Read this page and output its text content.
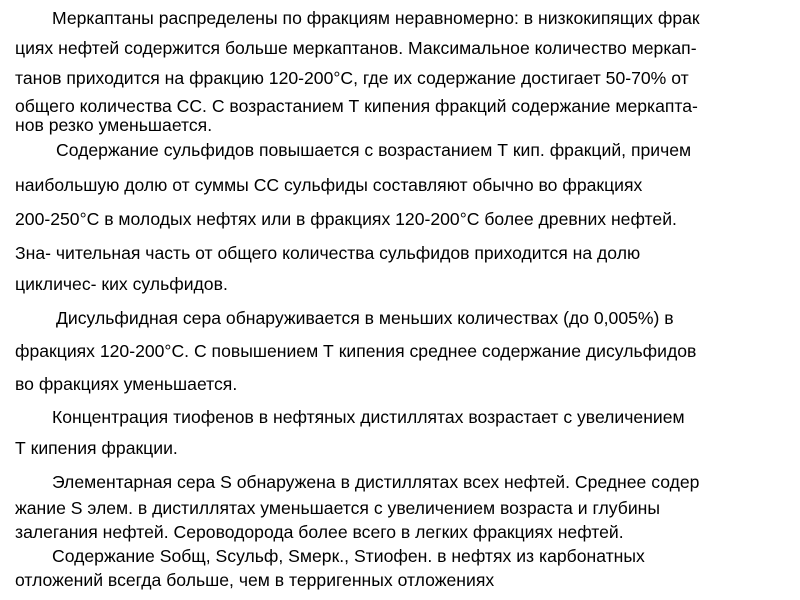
Меркаптаны распределены по фракциям неравномерно: в низкокипящих фрак
циях нефтей содержится больше меркаптанов. Максимальное количество меркап-
танов приходится на фракцию 120-200°С, где их содержание достигает 50-70% от
общего количества СС. С возрастанием Т кипения фракций содержание меркапта-
нов резко уменьшается.
Содержание сульфидов повышается с возрастанием Т кип. фракций, причем
наибольшую долю от суммы СС сульфиды составляют обычно во фракциях
200-250°С в молодых нефтях или в фракциях 120-200°С более древних нефтей.
Зна- чительная часть от общего количества сульфидов приходится на долю
цикличес- ких сульфидов.
Дисульфидная сера обнаруживается в меньших количествах (до 0,005%) в
фракциях 120-200°С. С повышением Т кипения среднее содержание дисульфидов
во фракциях уменьшается.
Концентрация тиофенов в нефтяных дистиллятах возрастает с увеличением
Т кипения фракции.
Элементарная сера S обнаружена в дистиллятах всех нефтей. Среднее содер
жание S элем. в дистиллятах уменьшается с увеличением возраста и глубины
залегания нефтей. Сероводорода более всего в легких фракциях нефтей.
Содержание Sобщ, Sсульф, Sмерк., Sтиофен. в нефтях из карбонатных
отложений всегда больше, чем в терригенных отложениях
